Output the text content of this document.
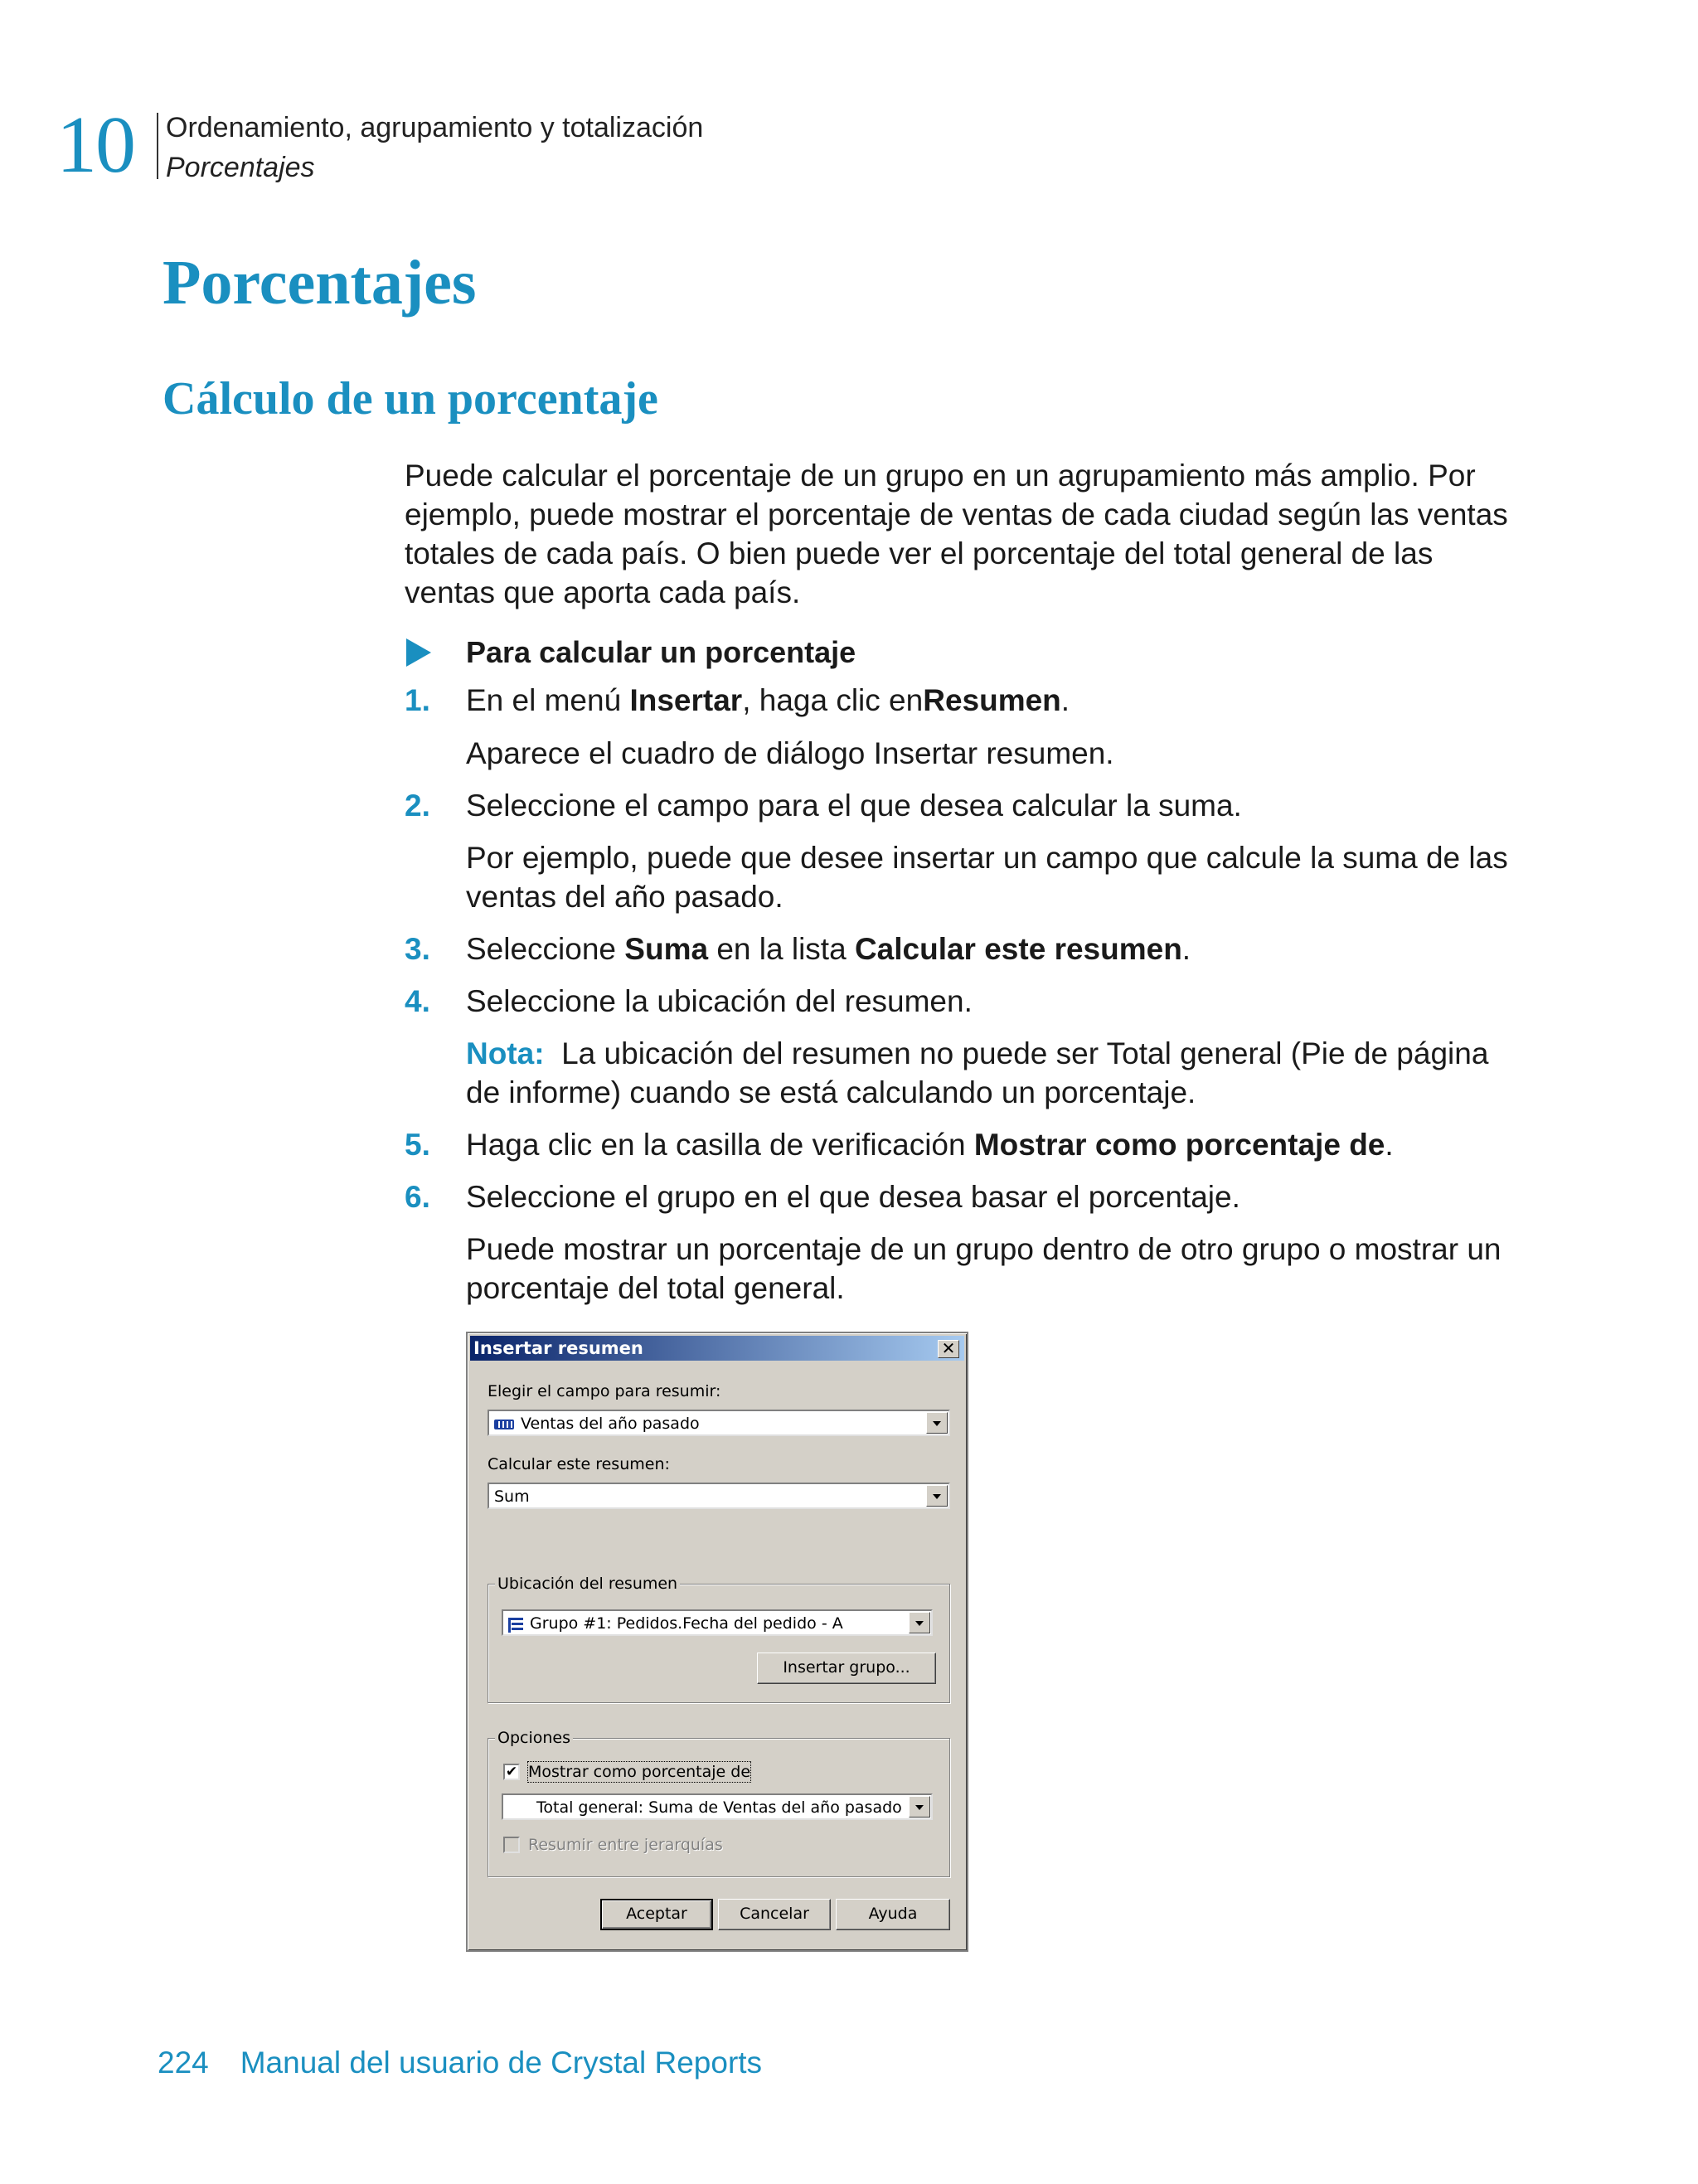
10 Ordenamiento, agrupamiento y totalización
Porcentajes
Porcentajes
Cálculo de un porcentaje
Puede calcular el porcentaje de un grupo en un agrupamiento más amplio. Por ejemplo, puede mostrar el porcentaje de ventas de cada ciudad según las ventas totales de cada país. O bien puede ver el porcentaje del total general de las ventas que aporta cada país.
Para calcular un porcentaje
1. En el menú Insertar, haga clic enResumen.
Aparece el cuadro de diálogo Insertar resumen.
2. Seleccione el campo para el que desea calcular la suma.
Por ejemplo, puede que desee insertar un campo que calcule la suma de las ventas del año pasado.
3. Seleccione Suma en la lista Calcular este resumen.
4. Seleccione la ubicación del resumen.
Nota: La ubicación del resumen no puede ser Total general (Pie de página de informe) cuando se está calculando un porcentaje.
5. Haga clic en la casilla de verificación Mostrar como porcentaje de.
6. Seleccione el grupo en el que desea basar el porcentaje.
Puede mostrar un porcentaje de un grupo dentro de otro grupo o mostrar un porcentaje del total general.
Insertar resumen	✕
Elegir el campo para resumir:
Ventas del año pasado
Calcular este resumen:
Sum
Ubicación del resumen
Grupo #1: Pedidos.Fecha del pedido - A
Insertar grupo...
Opciones
✔ Mostrar como porcentaje de
Total general: Suma de Ventas del año pasado
Resumir entre jerarquías
Aceptar	Cancelar	Ayuda
224 Manual del usuario de Crystal Reports
